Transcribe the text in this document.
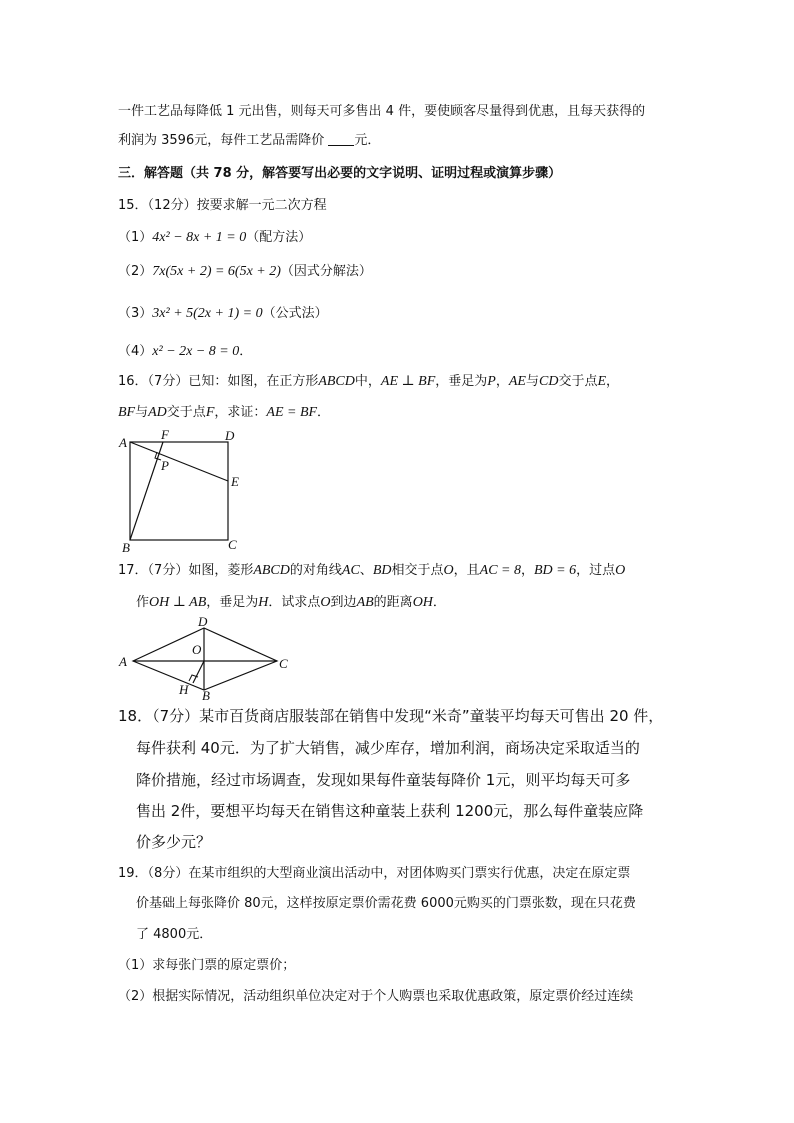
一件工艺品每降低 1 元出售，则每天可多售出 4 件，要使顾客尽量得到优惠，且每天获得的
利润为 3596元，每件工艺品需降价 元．
三．解答题（共 78 分，解答要写出必要的文字说明、证明过程或演算步骤）
15．（12分）按要求解一元二次方程
（1）4x² − 8x + 1 = 0（配方法）
（2）7x(5x + 2) = 6(5x + 2)（因式分解法）
（3）3x² + 5(2x + 1) = 0（公式法）
（4）x² − 2x − 8 = 0．
16．（7分）已知：如图，在正方形ABCD中，AE ⊥ BF，垂足为P，AE与CD交于点E，
BF与AD交于点F，求证：AE = BF．
A
F	D
P
E
B	C
17．（7分）如图，菱形ABCD的对角线AC、BD相交于点O，且AC = 8，BD = 6，过点O
作OH ⊥ AB，垂足为H．试求点O到边AB的距离OH．
A
D
O
C
H B
18．（7分）某市百货商店服装部在销售中发现“米奇”童装平均每天可售出 20 件，
每件获利 40元．为了扩大销售，减少库存，增加利润，商场决定采取适当的
降价措施，经过市场调查，发现如果每件童装每降价 1元，则平均每天可多
售出 2件，要想平均每天在销售这种童装上获利 1200元，那么每件童装应降
价多少元？
19．（8分）在某市组织的大型商业演出活动中，对团体购买门票实行优惠，决定在原定票
价基础上每张降价 80元，这样按原定票价需花费 6000元购买的门票张数，现在只花费
了 4800元．
（1）求每张门票的原定票价；
（2）根据实际情况，活动组织单位决定对于个人购票也采取优惠政策，原定票价经过连续
